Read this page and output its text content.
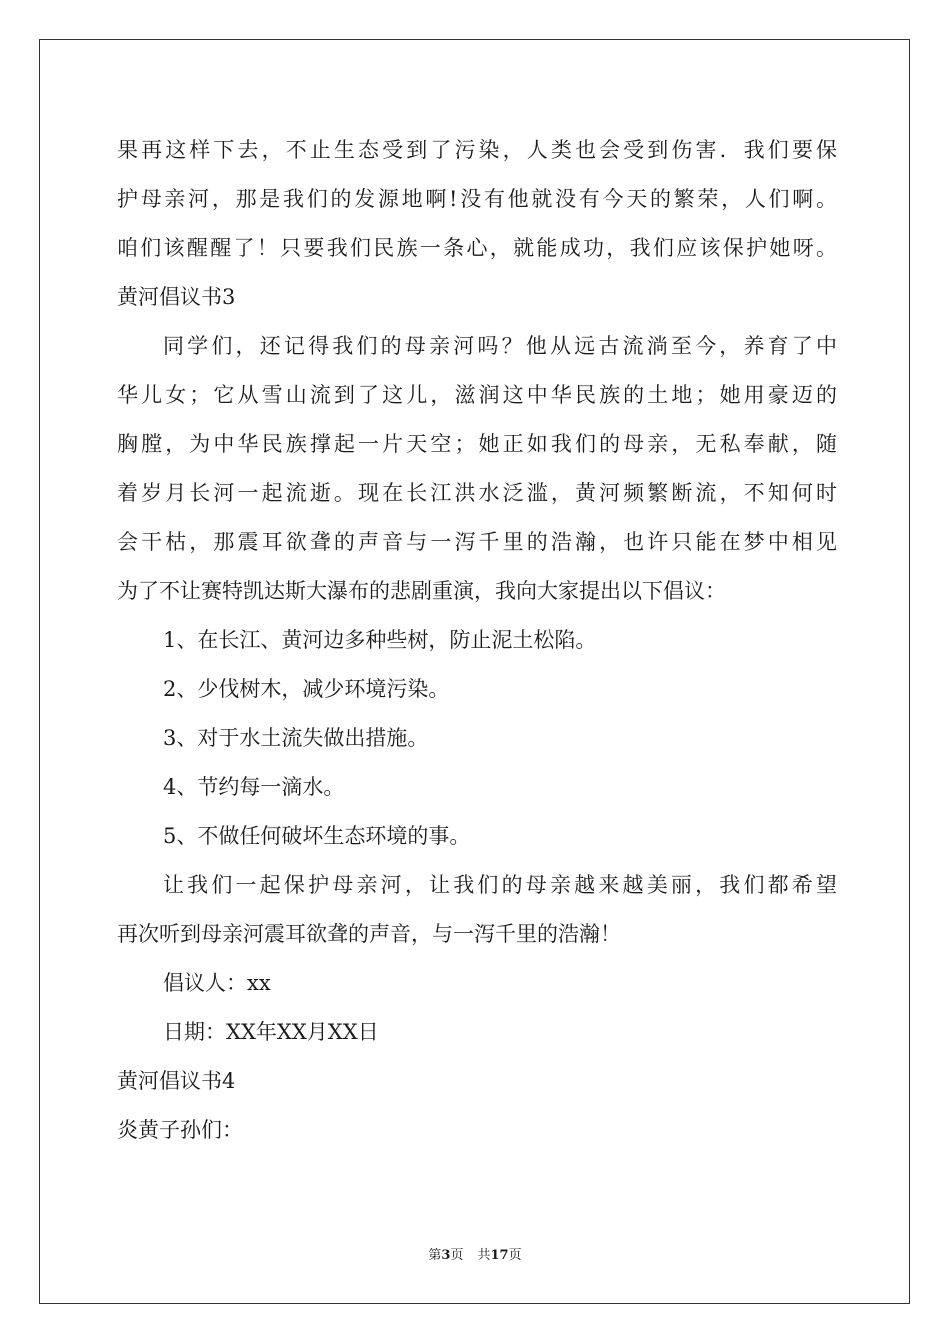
果再这样下去，不止生态受到了污染，人类也会受到伤害．我们要保

护母亲河，那是我们的发源地啊!没有他就没有今天的繁荣，人们啊。

咱们该醒醒了！只要我们民族一条心，就能成功，我们应该保护她呀。

黄河倡议书3

同学们，还记得我们的母亲河吗？他从远古流淌至今，养育了中

华儿女；它从雪山流到了这儿，滋润这中华民族的土地；她用豪迈的

胸膛，为中华民族撑起一片天空；她正如我们的母亲，无私奉献，随

着岁月长河一起流逝。现在长江洪水泛滥，黄河频繁断流，不知何时

会干枯，那震耳欲聋的声音与一泻千里的浩瀚，也许只能在梦中相见

为了不让赛特凯达斯大瀑布的悲剧重演，我向大家提出以下倡议：

1、在长江、黄河边多种些树，防止泥土松陷。

2、少伐树木，减少环境污染。

3、对于水土流失做出措施。

4、节约每一滴水。

5、不做任何破坏生态环境的事。

让我们一起保护母亲河，让我们的母亲越来越美丽，我们都希望

再次听到母亲河震耳欲聋的声音，与一泻千里的浩瀚！

倡议人：xx

日期：XX年XX月XX日

黄河倡议书4

炎黄子孙们：

第3页 共17页
